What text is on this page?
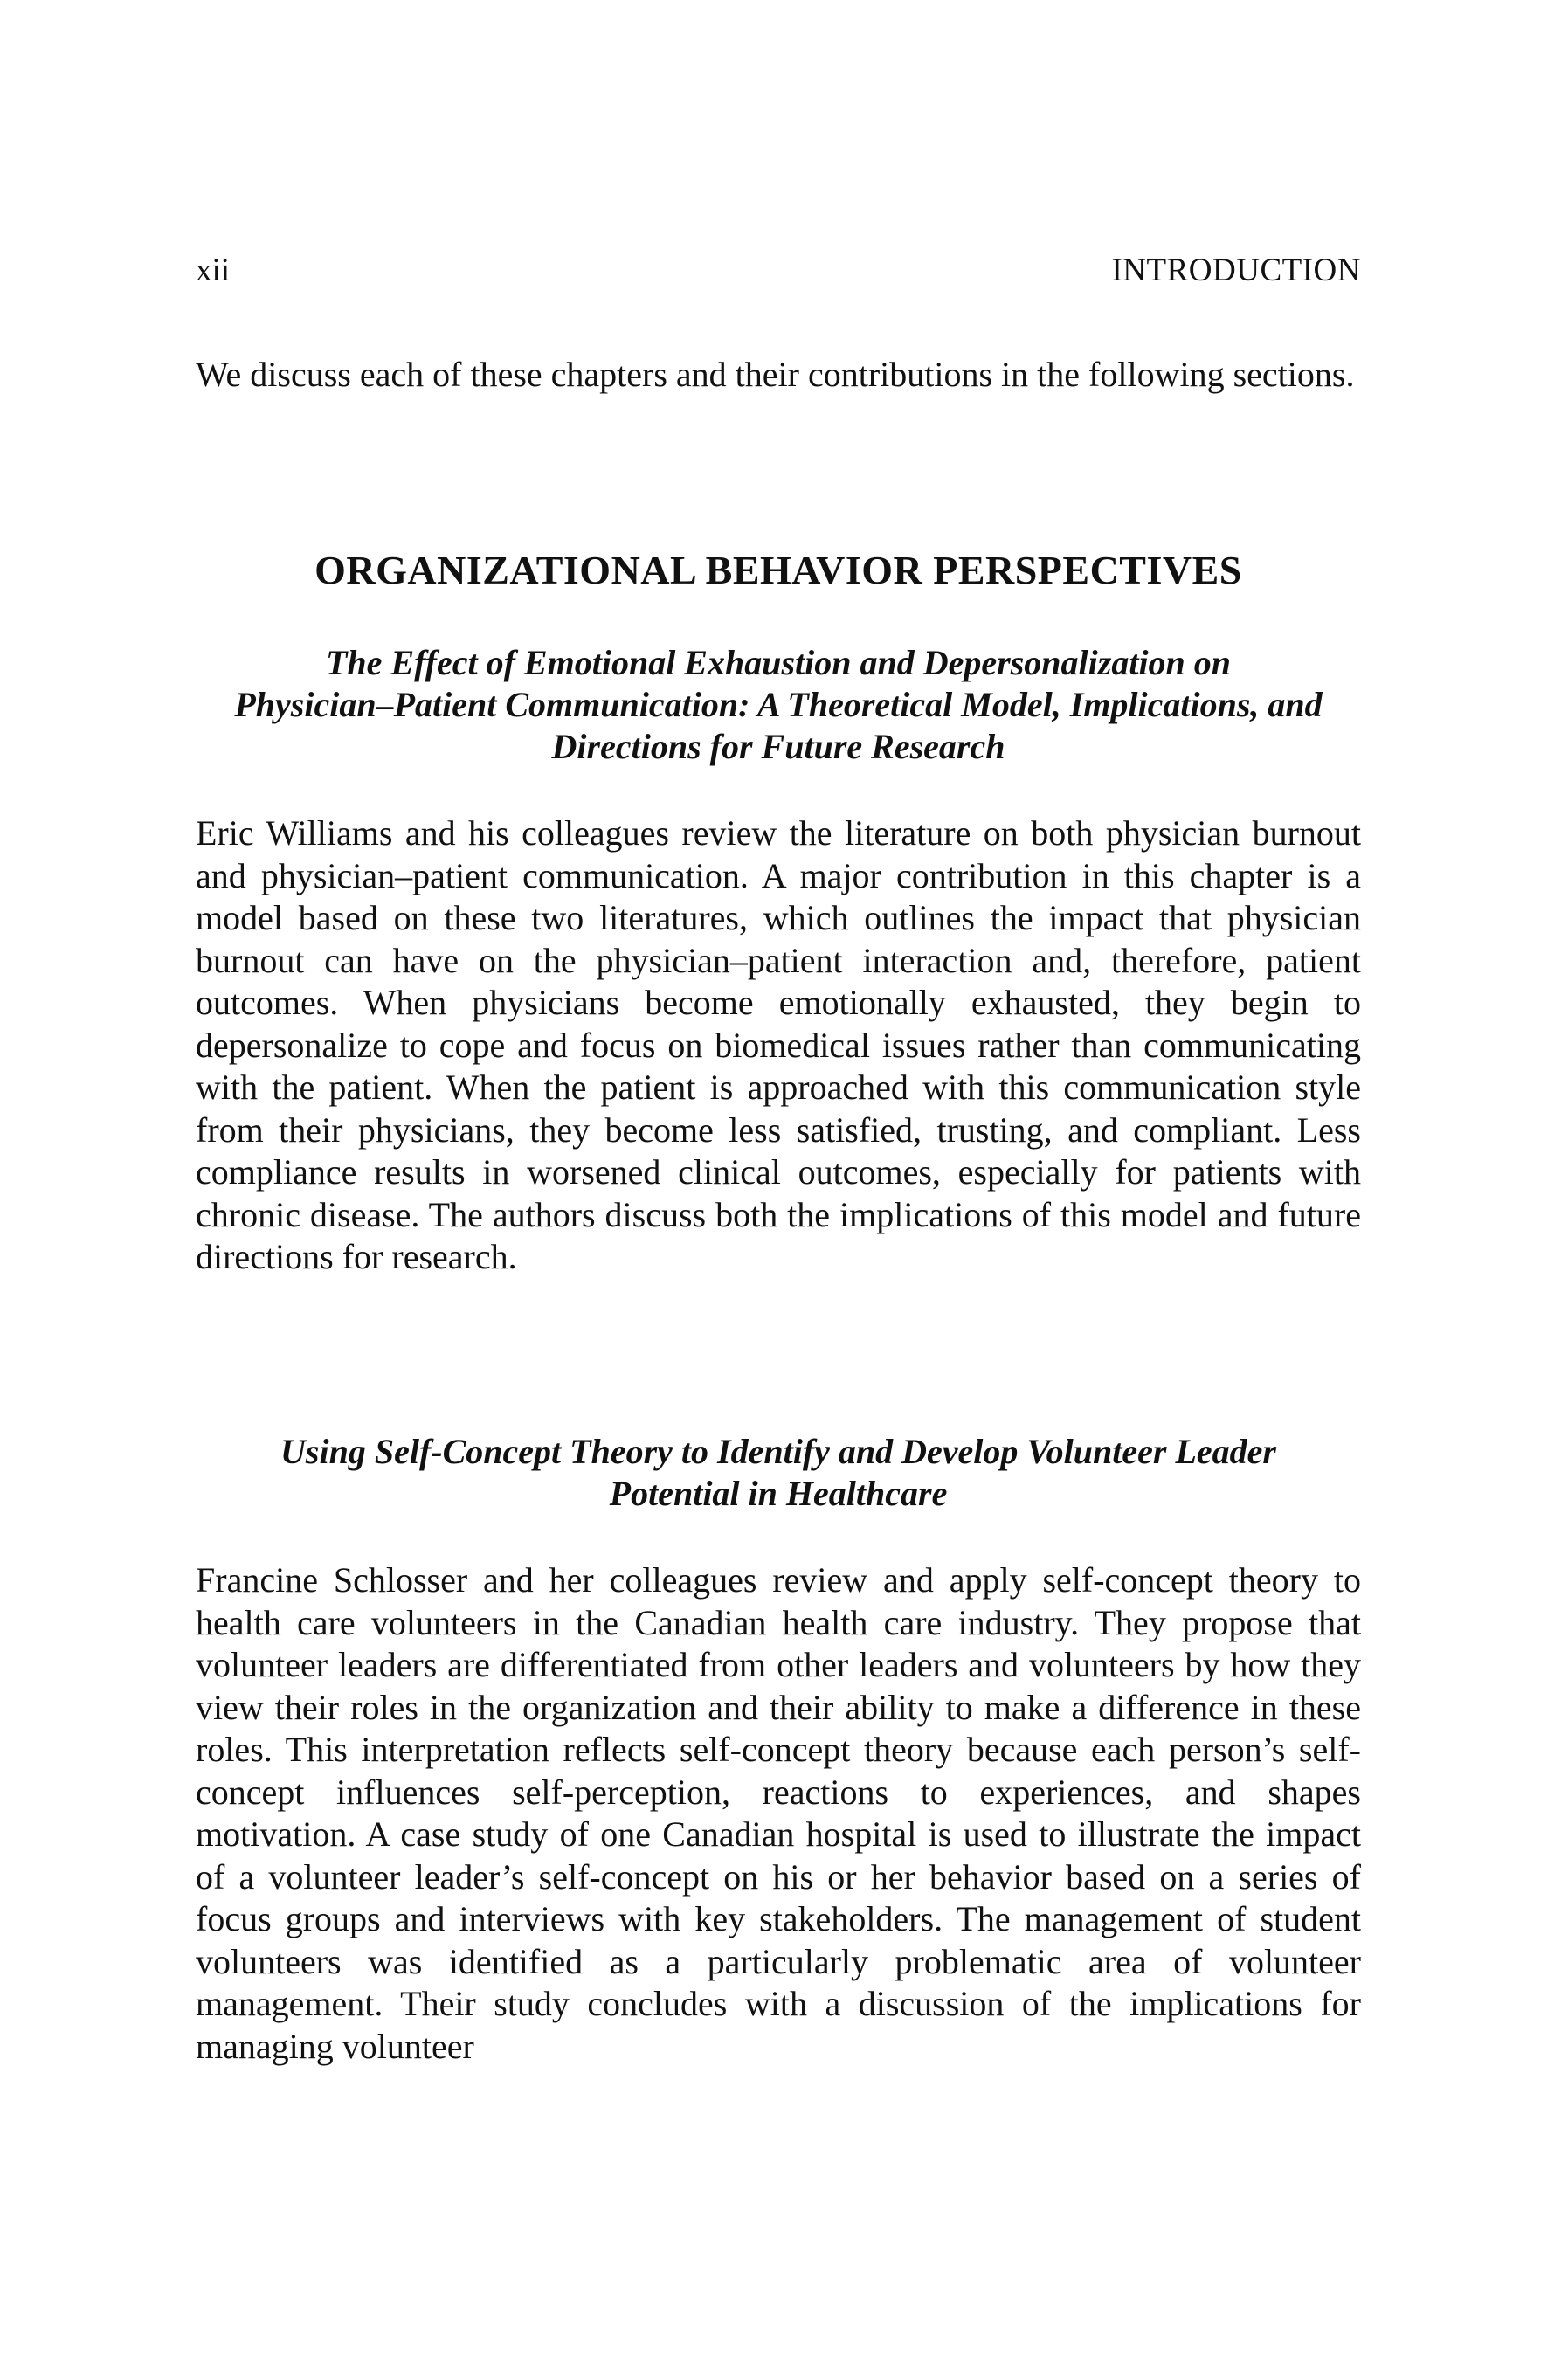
xii	INTRODUCTION

We discuss each of these chapters and their contributions in the following sections.

ORGANIZATIONAL BEHAVIOR PERSPECTIVES
The Effect of Emotional Exhaustion and Depersonalization on
Physician–Patient Communication: A Theoretical Model, Implications, and
Directions for Future Research

Eric Williams and his colleagues review the literature on both physician burnout and physician–patient communication. A major contribution in this chapter is a model based on these two literatures, which outlines the impact that physician burnout can have on the physician–patient interaction and, therefore, patient outcomes. When physicians become emotionally exhausted, they begin to depersonalize to cope and focus on biomedical issues rather than communicating with the patient. When the patient is approached with this communication style from their physicians, they become less satisfied, trusting, and compliant. Less compliance results in worsened clinical outcomes, especially for patients with chronic disease. The authors discuss both the implications of this model and future directions for research.

Using Self-Concept Theory to Identify and Develop Volunteer Leader
Potential in Healthcare

Francine Schlosser and her colleagues review and apply self-concept theory to health care volunteers in the Canadian health care industry. They propose that volunteer leaders are differentiated from other leaders and volunteers by how they view their roles in the organization and their ability to make a difference in these roles. This interpretation reflects self-concept theory because each person’s self-concept influences self-perception, reactions to experiences, and shapes motivation. A case study of one Canadian hospital is used to illustrate the impact of a volunteer leader’s self-concept on his or her behavior based on a series of focus groups and interviews with key stakeholders. The management of student volunteers was identified as a particularly problematic area of volunteer management. Their study concludes with a discussion of the implications for managing volunteer
